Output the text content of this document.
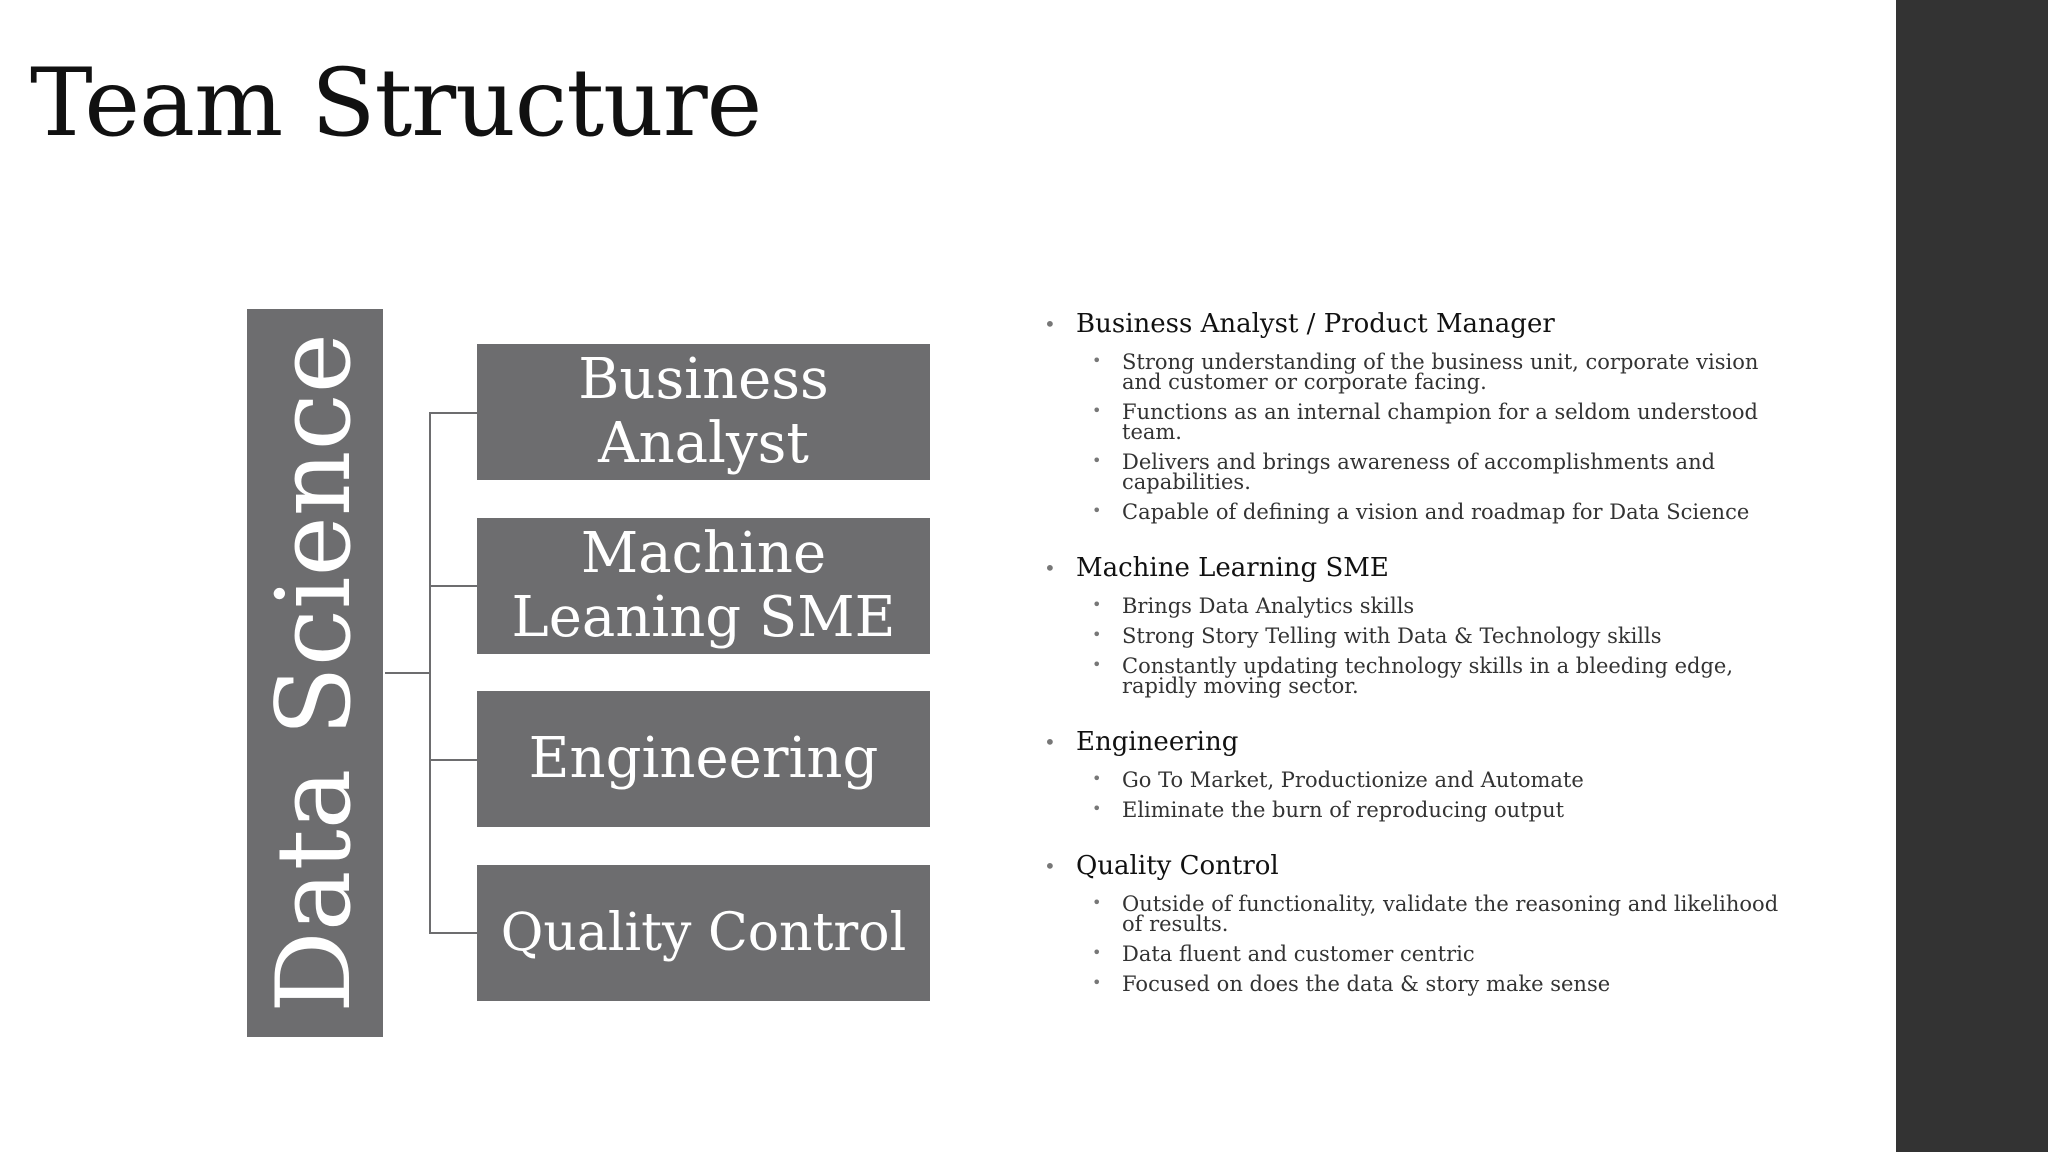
Team Structure
Data Science	Business
Analyst
Machine
Leaning SME
Engineering
Quality Control
• Business Analyst / Product Manager
• Strong understanding of the business unit, corporate vision and customer or corporate facing.
• Functions as an internal champion for a seldom understood team.
• Delivers and brings awareness of accomplishments and capabilities.
• Capable of defining a vision and roadmap for Data Science
• Machine Learning SME
• Brings Data Analytics skills
• Strong Story Telling with Data & Technology skills
• Constantly updating technology skills in a bleeding edge, rapidly moving sector.
• Engineering
• Go To Market, Productionize and Automate
• Eliminate the burn of reproducing output
• Quality Control
• Outside of functionality, validate the reasoning and likelihood of results.
• Data fluent and customer centric
• Focused on does the data & story make sense
